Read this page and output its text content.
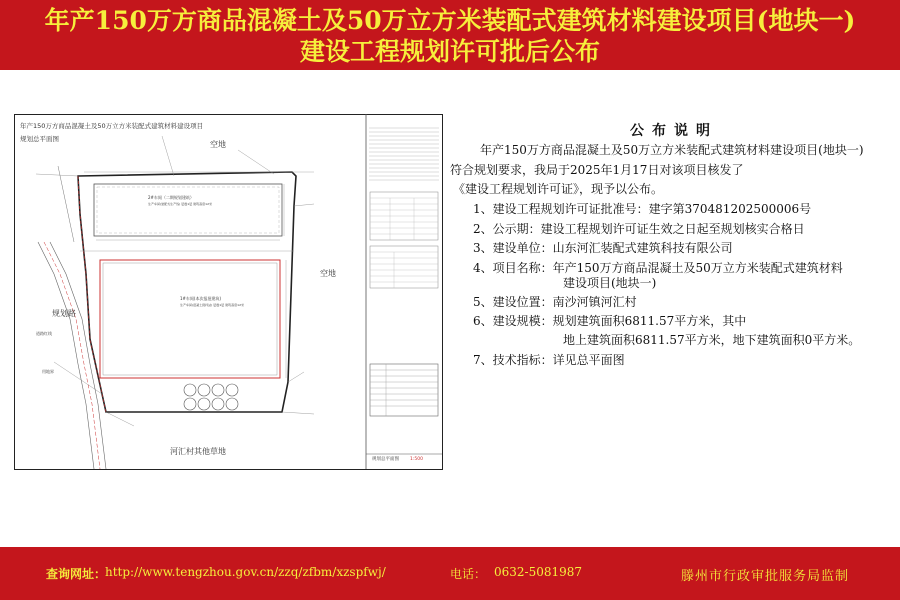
年产150万方商品混凝土及50万立方米装配式建筑材料建设项目(地块一)
建设工程规划许可批后公布
年产150万方商品混凝土及50万立方米装配式建筑材料建设项目
规划总平面图
空地
空地
规划路
道路红线
用地界
河汇村其他草地
2#车间（二期规划建筑）
生产车间(装配式生产线) 层数1层 建筑高度12米
1#车间(本次报批建筑)
生产车间(混凝土搅拌站) 层数1层 建筑高度12米
规划总平面图 1:500
公布说明
年产150万方商品混凝土及50万立方米装配式建筑材料建设项目(地块一)
符合规划要求，我局于2025年1月17日对该项目核发了
《建设工程规划许可证》，现予以公布。
1、建设工程规划许可证批准号：建字第370481202500006号
2、公示期：建设工程规划许可证生效之日起至规划核实合格日
3、建设单位：山东河汇装配式建筑科技有限公司
4、项目名称：年产150万方商品混凝土及50万立方米装配式建筑材料
建设项目(地块一)
5、建设位置：南沙河镇河汇村
6、建设规模：规划建筑面积6811.57平方米，其中
地上建筑面积6811.57平方米，地下建筑面积0平方米。
7、技术指标：详见总平面图
查询网址：
http://www.tengzhou.gov.cn/zzq/zfbm/xzspfwj/	电话： 0632-5081987	滕州市行政审批服务局监制
